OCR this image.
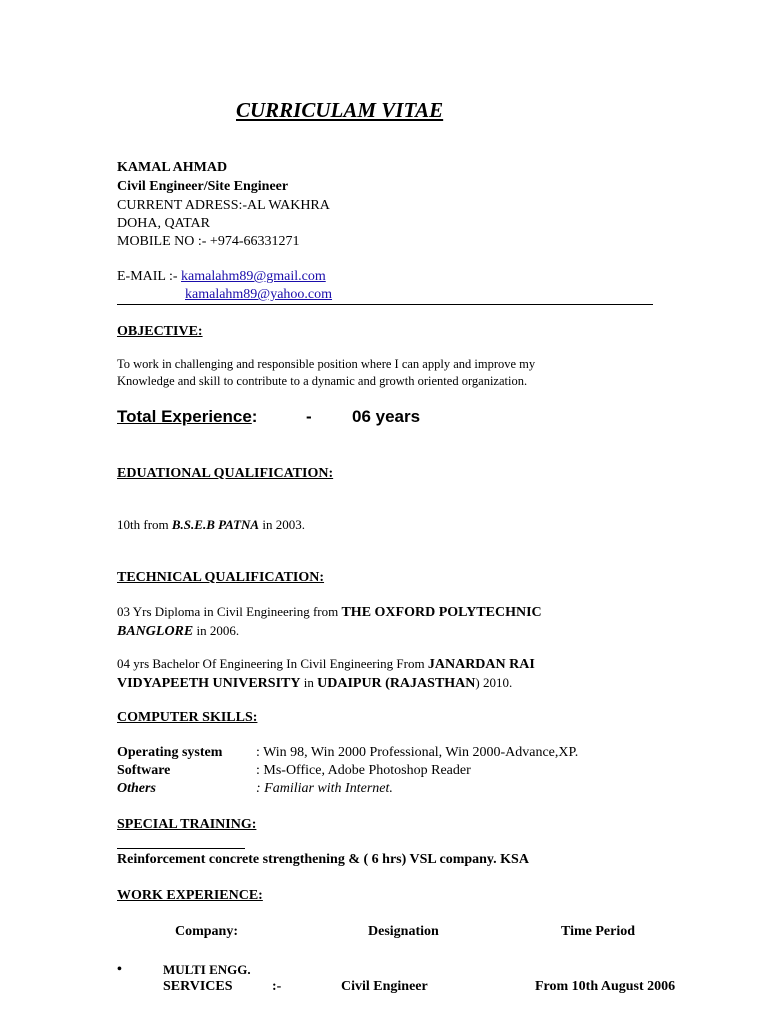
CURRICULAM VITAE
KAMAL AHMAD
Civil Engineer/Site Engineer
CURRENT ADRESS:-AL WAKHRA
DOHA, QATAR
MOBILE NO :- +974-66331271
E-MAIL :- kamalahm89@gmail.com
kamalahm89@yahoo.com
OBJECTIVE:
To work in challenging and responsible position where I can apply and improve my
Knowledge and skill to contribute to a dynamic and growth oriented organization.
Total Experience:	- 06 years
EDUATIONAL QUALIFICATION:
10th from B.S.E.B PATNA in 2003.
TECHNICAL QUALIFICATION:
03 Yrs Diploma in Civil Engineering from THE OXFORD POLYTECHNIC
BANGLORE in 2006.
04 yrs Bachelor Of Engineering In Civil Engineering From JANARDAN RAI
VIDYAPEETH UNIVERSITY in UDAIPUR (RAJASTHAN) 2010.
COMPUTER SKILLS:
Operating system : Win 98, Win 2000 Professional, Win 2000-Advance,XP.
Software	: Ms-Office, Adobe Photoshop Reader
Others	: Familiar with Internet.
SPECIAL TRAINING:
Reinforcement concrete strengthening & ( 6 hrs) VSL company. KSA
WORK EXPERIENCE:
Company:	Designation	Time Period
•	MULTI ENGG.
SERVICES	:-	Civil Engineer	From 10th August 2006
